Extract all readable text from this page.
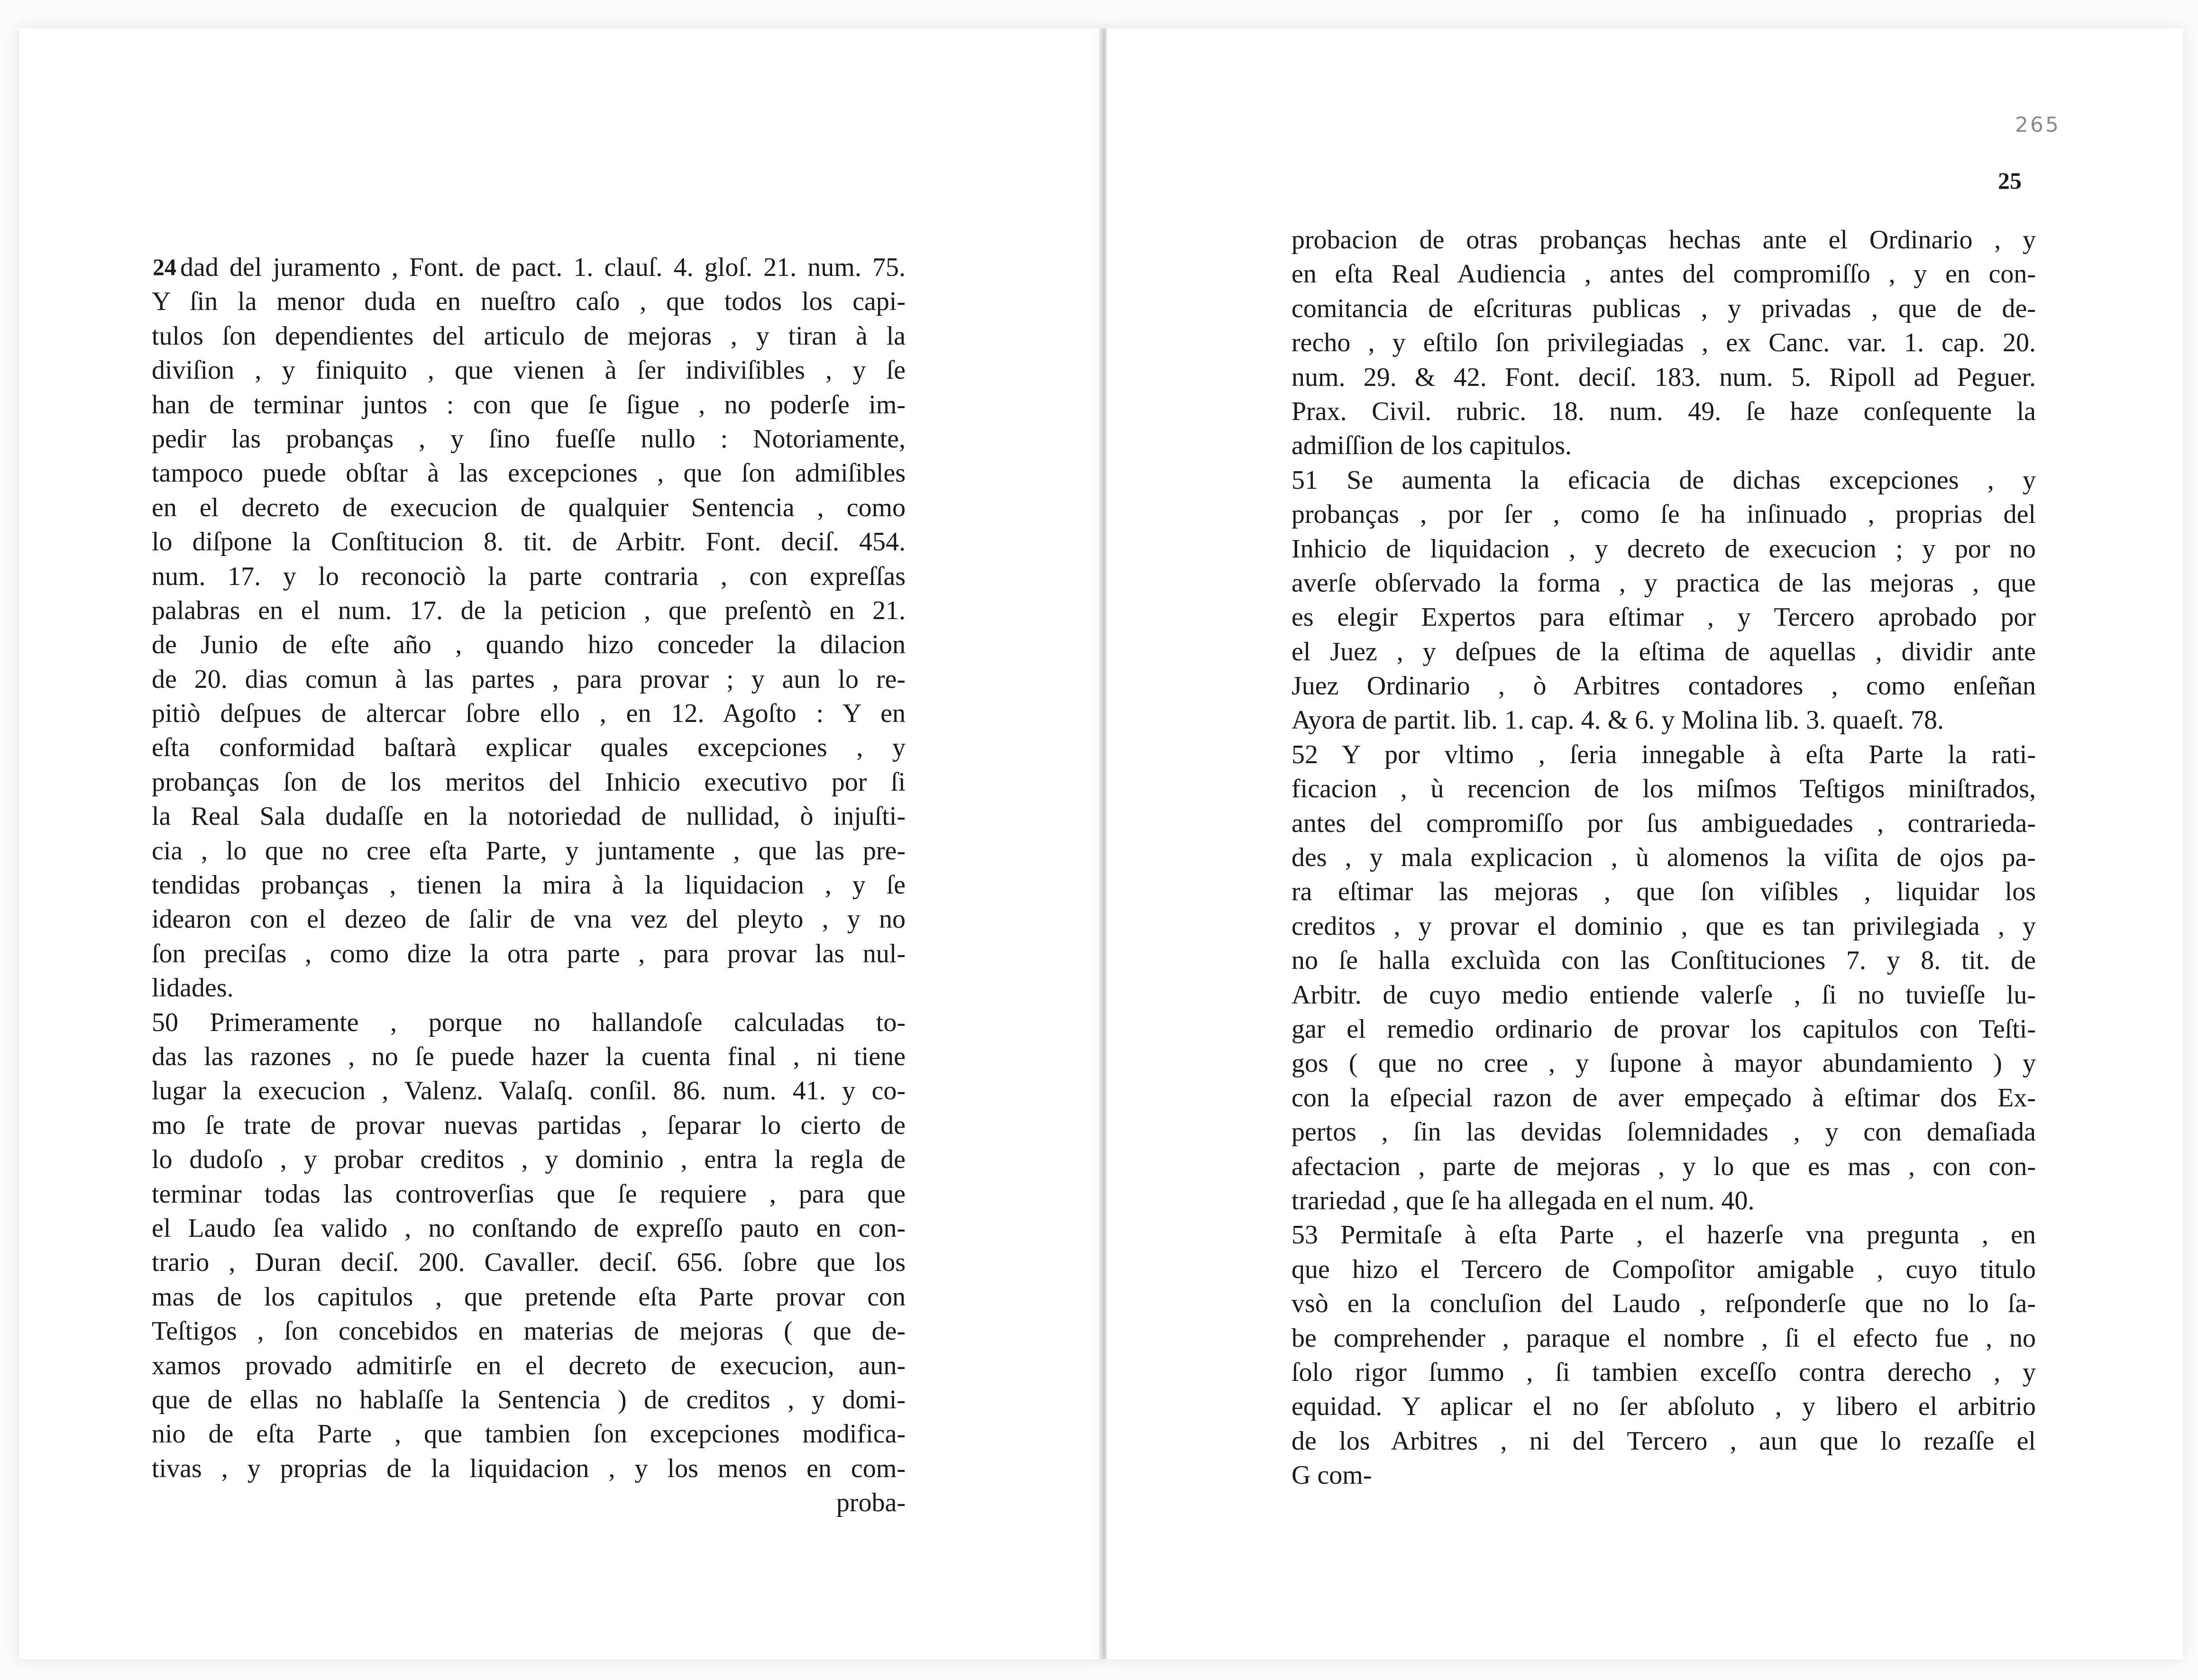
24 dad del juramento , Font. de pact. 1. clauſ. 4. gloſ. 21. num. 75.
Y ſin la menor duda en nueſtro caſo , que todos los capi-
tulos ſon dependientes del articulo de mejoras , y tiran à la
diviſion , y finiquito , que vienen à ſer indiviſibles , y ſe
han de terminar juntos : con que ſe ſigue , no poderſe im-
pedir las probanças , y ſino fueſſe nullo : Notoriamente,
tampoco puede obſtar à las excepciones , que ſon admiſibles
en el decreto de execucion de qualquier Sentencia , como
lo diſpone la Conſtitucion 8. tit. de Arbitr. Font. deciſ. 454.
num. 17. y lo reconociò la parte contraria , con expreſſas
palabras en el num. 17. de la peticion , que preſentò en 21.
de Junio de eſte año , quando hizo conceder la dilacion
de 20. dias comun à las partes , para provar ; y aun lo re-
pitiò deſpues de altercar ſobre ello , en 12. Agoſto : Y en
eſta conformidad baſtarà explicar quales excepciones , y
probanças ſon de los meritos del Inhicio executivo por ſi
la Real Sala dudaſſe en la notoriedad de nullidad, ò injuſti-
cia , lo que no cree eſta Parte, y juntamente , que las pre-
tendidas probanças , tienen la mira à la liquidacion , y ſe
idearon con el dezeo de ſalir de vna vez del pleyto , y no
ſon preciſas , como dize la otra parte , para provar las nul-
lidades.
50 Primeramente , porque no hallandoſe calculadas to-
das las razones , no ſe puede hazer la cuenta final , ni tiene
lugar la execucion , Valenz. Valaſq. conſil. 86. num. 41. y co-
mo ſe trate de provar nuevas partidas , ſeparar lo cierto de
lo dudoſo , y probar creditos , y dominio , entra la regla de
terminar todas las controverſias que ſe requiere , para que
el Laudo ſea valido , no conſtando de expreſſo pauto en con-
trario , Duran deciſ. 200. Cavaller. deciſ. 656. ſobre que los
mas de los capitulos , que pretende eſta Parte provar con
Teſtigos , ſon concebidos en materias de mejoras ( que de-
xamos provado admitirſe en el decreto de execucion, aun-
que de ellas no hablaſſe la Sentencia ) de creditos , y domi-
nio de eſta Parte , que tambien ſon excepciones modifica-
tivas , y proprias de la liquidacion , y los menos en com-
proba-
25
probacion de otras probanças hechas ante el Ordinario , y
en eſta Real Audiencia , antes del compromiſſo , y en con-
comitancia de eſcrituras publicas , y privadas , que de de-
recho , y eſtilo ſon privilegiadas , ex Canc. var. 1. cap. 20.
num. 29. & 42. Font. deciſ. 183. num. 5. Ripoll ad Peguer.
Prax. Civil. rubric. 18. num. 49. ſe haze conſequente la
admiſſion de los capitulos.
51 Se aumenta la eficacia de dichas excepciones , y
probanças , por ſer , como ſe ha inſinuado , proprias del
Inhicio de liquidacion , y decreto de execucion ; y por no
averſe obſervado la forma , y practica de las mejoras , que
es elegir Expertos para eſtimar , y Tercero aprobado por
el Juez , y deſpues de la eſtima de aquellas , dividir ante
Juez Ordinario , ò Arbitres contadores , como enſeñan
Ayora de partit. lib. 1. cap. 4. & 6. y Molina lib. 3. quaeſt. 78.
52 Y por vltimo , ſeria innegable à eſta Parte la rati-
ficacion , ù recencion de los miſmos Teſtigos miniſtrados,
antes del compromiſſo por ſus ambiguedades , contrariedа-
des , y mala explicacion , ù alomenos la viſita de ojos pa-
ra eſtimar las mejoras , que ſon viſibles , liquidar los
creditos , y provar el dominio , que es tan privilegiada , y
no ſe halla excluìda con las Conſtituciones 7. y 8. tit. de
Arbitr. de cuyo medio entiende valerſe , ſi no tuvieſſe lu-
gar el remedio ordinario de provar los capitulos con Teſti-
gos ( que no cree , y ſupone à mayor abundamiento ) y
con la eſpecial razon de aver empeçado à eſtimar dos Ex-
pertos , ſin las devidas ſolemnidades , y con demaſiada
afectacion , parte de mejoras , y lo que es mas , con con-
trariedad , que ſe ha allegada en el num. 40.
53 Permitaſe à eſta Parte , el hazerſe vna pregunta , en
que hizo el Tercero de Compoſitor amigable , cuyo titulo
vsò en la concluſion del Laudo , reſponderſe que no lo ſa-
be comprehender , paraque el nombre , ſi el efecto fue , no
ſolo rigor ſummo , ſi tambien exceſſo contra derecho , y
equidad. Y aplicar el no ſer abſoluto , y libero el arbitrio
de los Arbitres , ni del Tercero , aun que lo rezaſſe el
G com-
265
